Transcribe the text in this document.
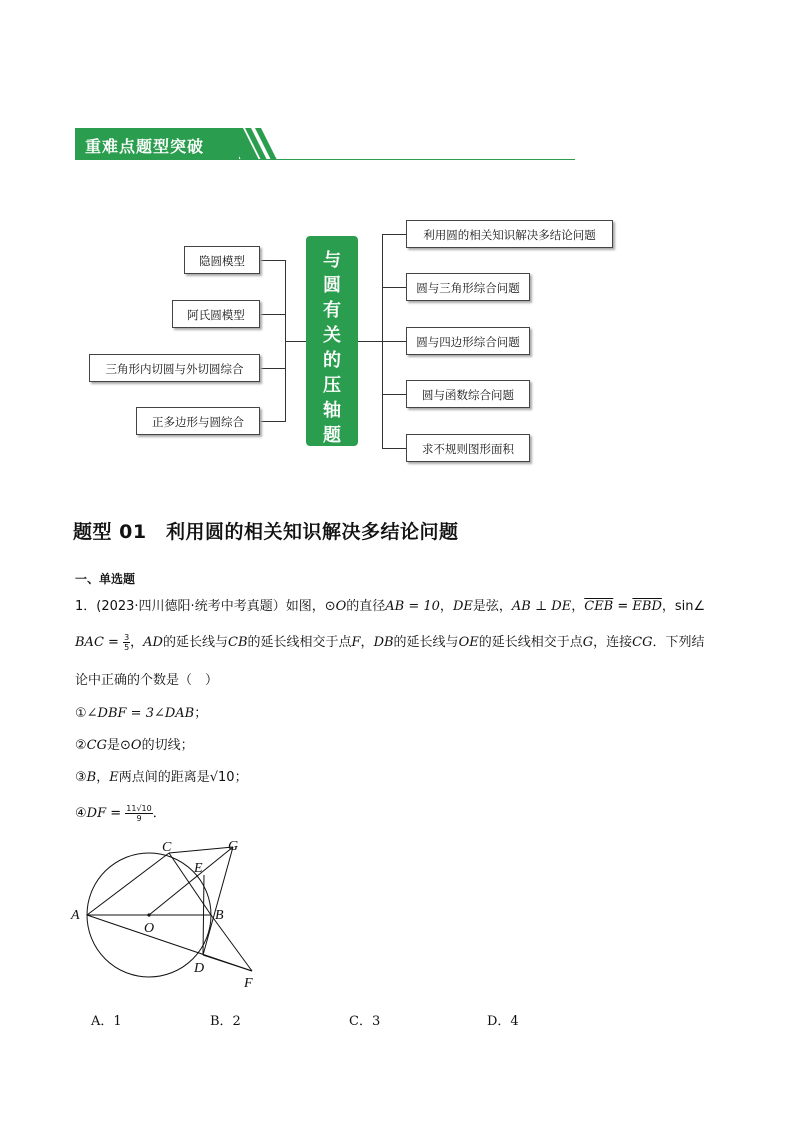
重难点题型突破
隐圆模型
阿氏圆模型
三角形内切圆与外切圆综合
正多边形与圆综合
与
圆
有
关
的
压
轴
题
利用圆的相关知识解决多结论问题
圆与三角形综合问题
圆与四边形综合问题
圆与函数综合问题
求不规则图形面积
题型 01　利用圆的相关知识解决多结论问题
一、单选题
1．(2023·四川德阳·统考中考真题）如图，⊙O的直径AB = 10，DE是弦，AB ⊥ DE，$\overline{CEB} = \overline{EBD}$，sin∠
BAC = $\frac{3}{5}$，AD的延长线与CB的延长线相交于点F，DB的延长线与OE的延长线相交于点G，连接CG．下列结
论中正确的个数是（　）
①∠DBF = 3∠DAB；
②CG是⊙O的切线；
③B，E两点间的距离是√10；
④DF = $\frac{11√10}{9}$．
A	B
C
D
E
F
G
O
A．1	B．2	C．3	D．4
